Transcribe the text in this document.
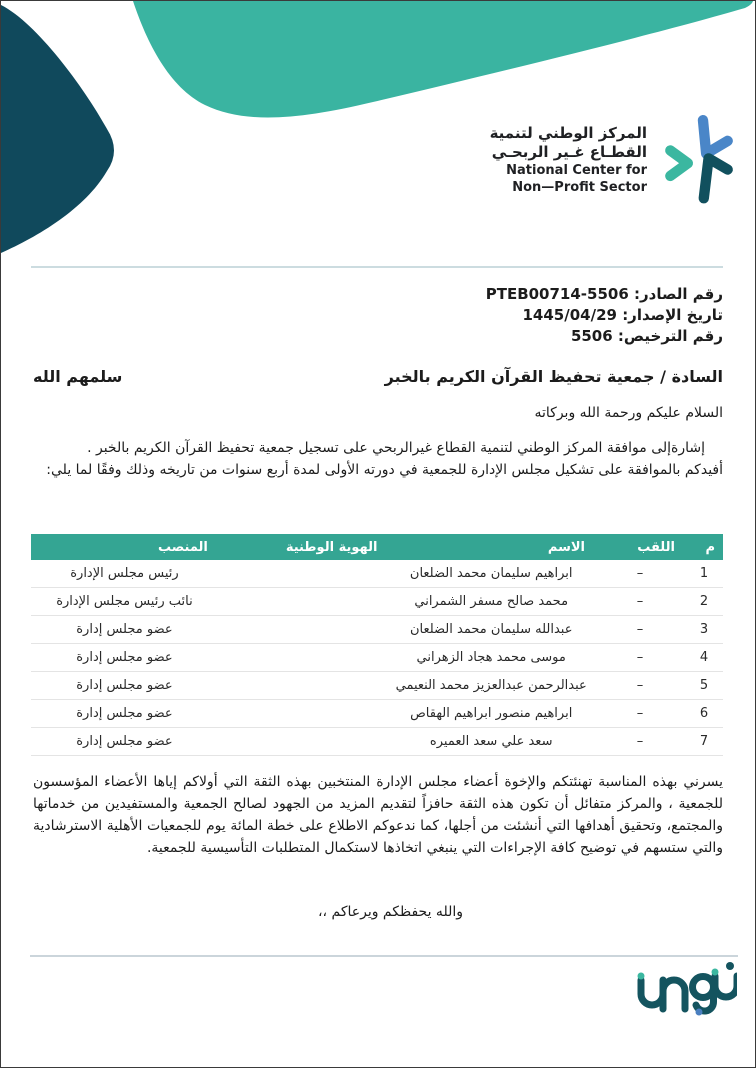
المركز الوطني لتنمية
القطـاع غـير الربحـي
National Center for
Non—Profit Sector
رقم الصادر: PTEB00714-5506
تاريخ الإصدار: 1445/04/29
رقم الترخيص: 5506
السادة / جمعية تحفيظ القرآن الكريم بالخبر
سلمهم الله
السلام عليكم ورحمة الله وبركاته
إشارةإلى موافقة المركز الوطني لتنمية القطاع غيرالربحي على تسجيل جمعية تحفيظ القرآن الكريم بالخبر .
أفيدكم بالموافقة على تشكيل مجلس الإدارة للجمعية في دورته الأولى لمدة أربع سنوات من تاريخه وذلك وفقًا لما يلي:
م	اللقب	الاسم	الهوية الوطنية	المنصب
1	–	ابراهيم سليمان محمد الضلعان		رئيس مجلس الإدارة
2	–	محمد صالح مسفر الشمراني		نائب رئيس مجلس الإدارة
3	–	عبدالله سليمان محمد الضلعان		عضو مجلس إدارة
4	–	موسى محمد هجاد الزهراني		عضو مجلس إدارة
5	–	عبدالرحمن عبدالعزيز محمد النعيمي		عضو مجلس إدارة
6	–	ابراهيم منصور ابراهيم الهقاص		عضو مجلس إدارة
7	–	سعد علي سعد العميره		عضو مجلس إدارة
يسرني بهذه المناسبة تهنئتكم والإخوة أعضاء مجلس الإدارة المنتخبين بهذه الثقة التي أولاكم إياها الأعضاء المؤسسون للجمعية ، والمركز متفائل أن تكون هذه الثقة حافزاً لتقديم المزيد من الجهود لصالح الجمعية والمستفيدين من خدماتها والمجتمع، وتحقيق أهدافها التي أنشئت من أجلها، كما ندعوكم الاطلاع على خطة المائة يوم للجمعيات الأهلية الاسترشادية والتي ستسهم في توضيح كافة الإجراءات التي ينبغي اتخاذها لاستكمال المتطلبات التأسيسية للجمعية.
والله يحفظكم ويرعاكم ،،
